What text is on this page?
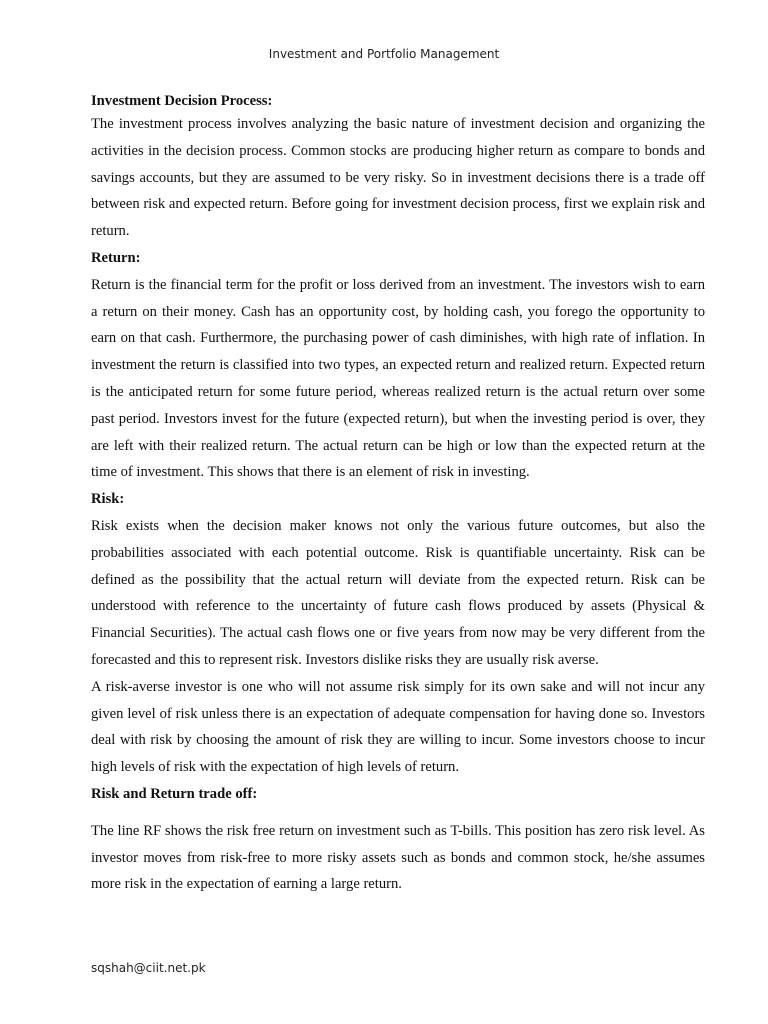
Investment and Portfolio Management

Investment Decision Process:

The investment process involves analyzing the basic nature of investment decision and organizing the activities in the decision process. Common stocks are producing higher return as compare to bonds and savings accounts, but they are assumed to be very risky. So in investment decisions there is a trade off between risk and expected return. Before going for investment decision process, first we explain risk and return.

Return:

Return is the financial term for the profit or loss derived from an investment. The investors wish to earn a return on their money. Cash has an opportunity cost, by holding cash, you forego the opportunity to earn on that cash. Furthermore, the purchasing power of cash diminishes, with high rate of inflation. In investment the return is classified into two types, an expected return and realized return. Expected return is the anticipated return for some future period, whereas realized return is the actual return over some past period. Investors invest for the future (expected return), but when the investing period is over, they are left with their realized return. The actual return can be high or low than the expected return at the time of investment. This shows that there is an element of risk in investing.

Risk:

Risk exists when the decision maker knows not only the various future outcomes, but also the probabilities associated with each potential outcome. Risk is quantifiable uncertainty. Risk can be defined as the possibility that the actual return will deviate from the expected return. Risk can be understood with reference to the uncertainty of future cash flows produced by assets (Physical & Financial Securities). The actual cash flows one or five years from now may be very different from the forecasted and this to represent risk. Investors dislike risks they are usually risk averse.

A risk-averse investor is one who will not assume risk simply for its own sake and will not incur any given level of risk unless there is an expectation of adequate compensation for having done so. Investors deal with risk by choosing the amount of risk they are willing to incur. Some investors choose to incur high levels of risk with the expectation of high levels of return.

Risk and Return trade off:

The line RF shows the risk free return on investment such as T-bills. This position has zero risk level. As investor moves from risk-free to more risky assets such as bonds and common stock, he/she assumes more risk in the expectation of earning a large return.

sqshah@ciit.net.pk
